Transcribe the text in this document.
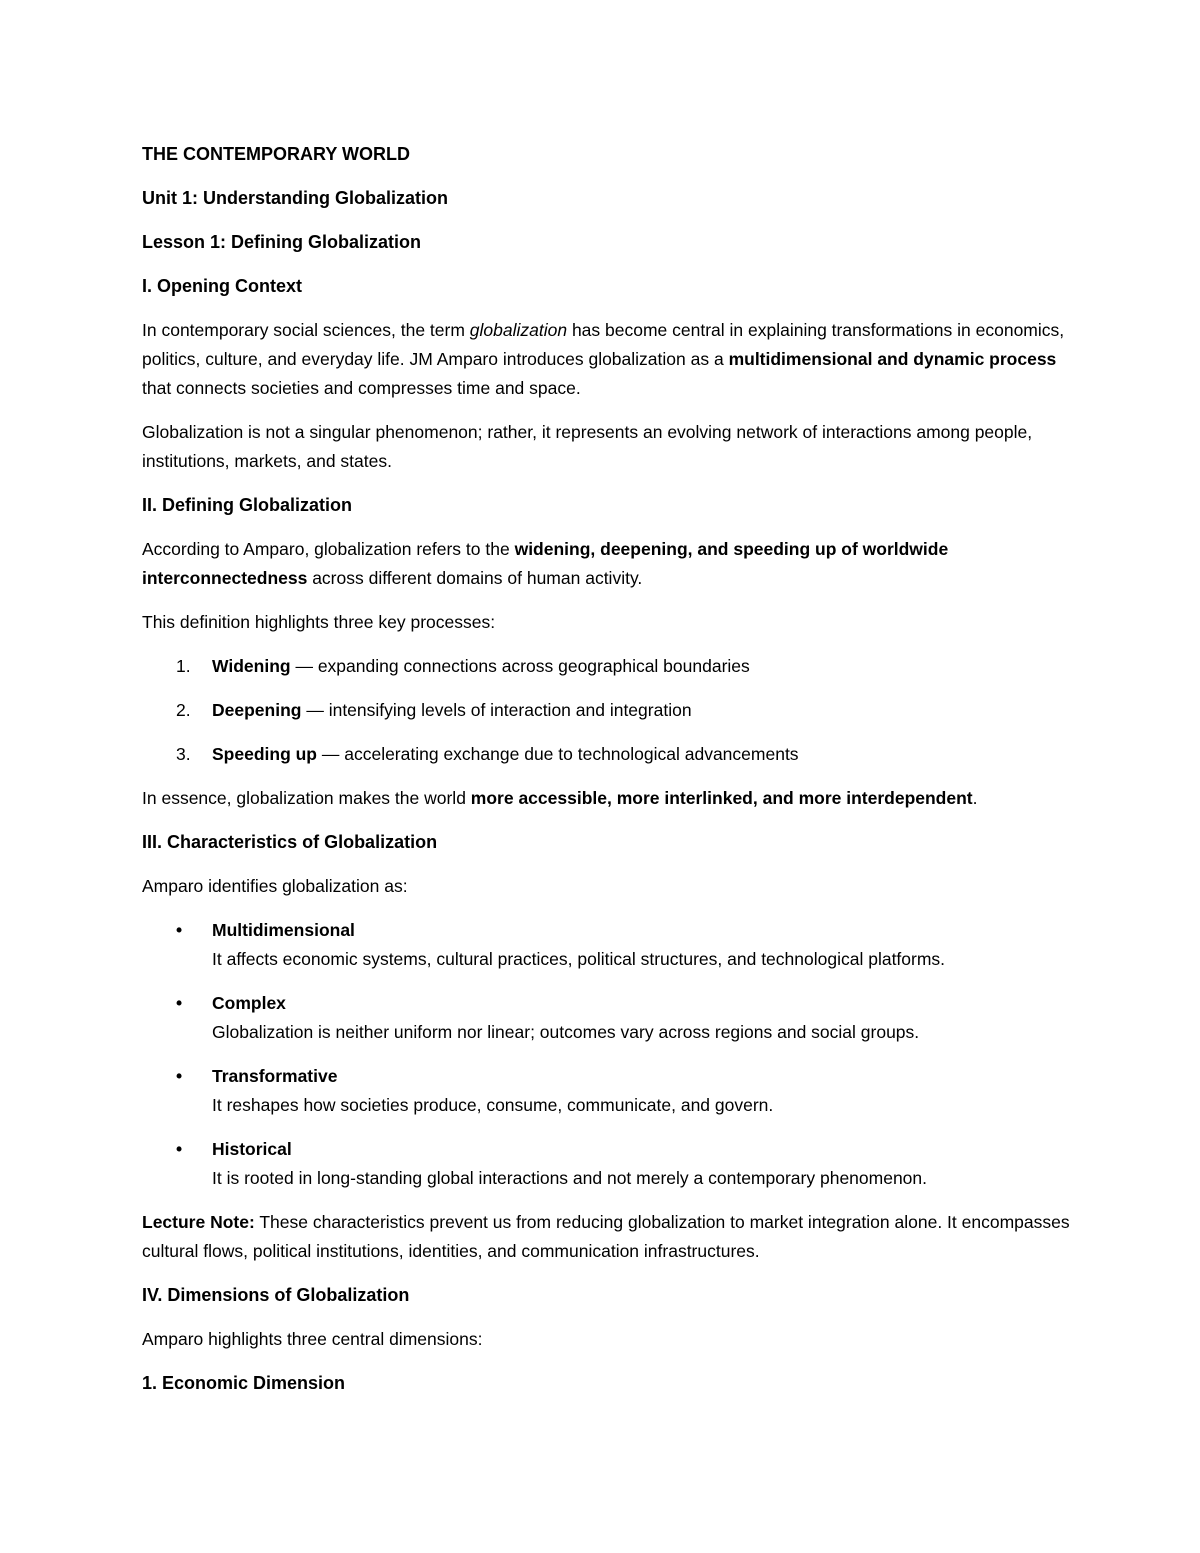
THE CONTEMPORARY WORLD

Unit 1: Understanding Globalization

Lesson 1: Defining Globalization

I. Opening Context

In contemporary social sciences, the term globalization has become central in explaining transformations in economics, politics, culture, and everyday life. JM Amparo introduces globalization as a multidimensional and dynamic process that connects societies and compresses time and space.

Globalization is not a singular phenomenon; rather, it represents an evolving network of interactions among people, institutions, markets, and states.

II. Defining Globalization

According to Amparo, globalization refers to the widening, deepening, and speeding up of worldwide interconnectedness across different domains of human activity.

This definition highlights three key processes:

1. Widening — expanding connections across geographical boundaries
2. Deepening — intensifying levels of interaction and integration
3. Speeding up — accelerating exchange due to technological advancements

In essence, globalization makes the world more accessible, more interlinked, and more interdependent.

III. Characteristics of Globalization

Amparo identifies globalization as:

• Multidimensional
It affects economic systems, cultural practices, political structures, and technological platforms.
• Complex
Globalization is neither uniform nor linear; outcomes vary across regions and social groups.
• Transformative
It reshapes how societies produce, consume, communicate, and govern.
• Historical
It is rooted in long-standing global interactions and not merely a contemporary phenomenon.

Lecture Note: These characteristics prevent us from reducing globalization to market integration alone. It encompasses cultural flows, political institutions, identities, and communication infrastructures.

IV. Dimensions of Globalization

Amparo highlights three central dimensions:

1. Economic Dimension
